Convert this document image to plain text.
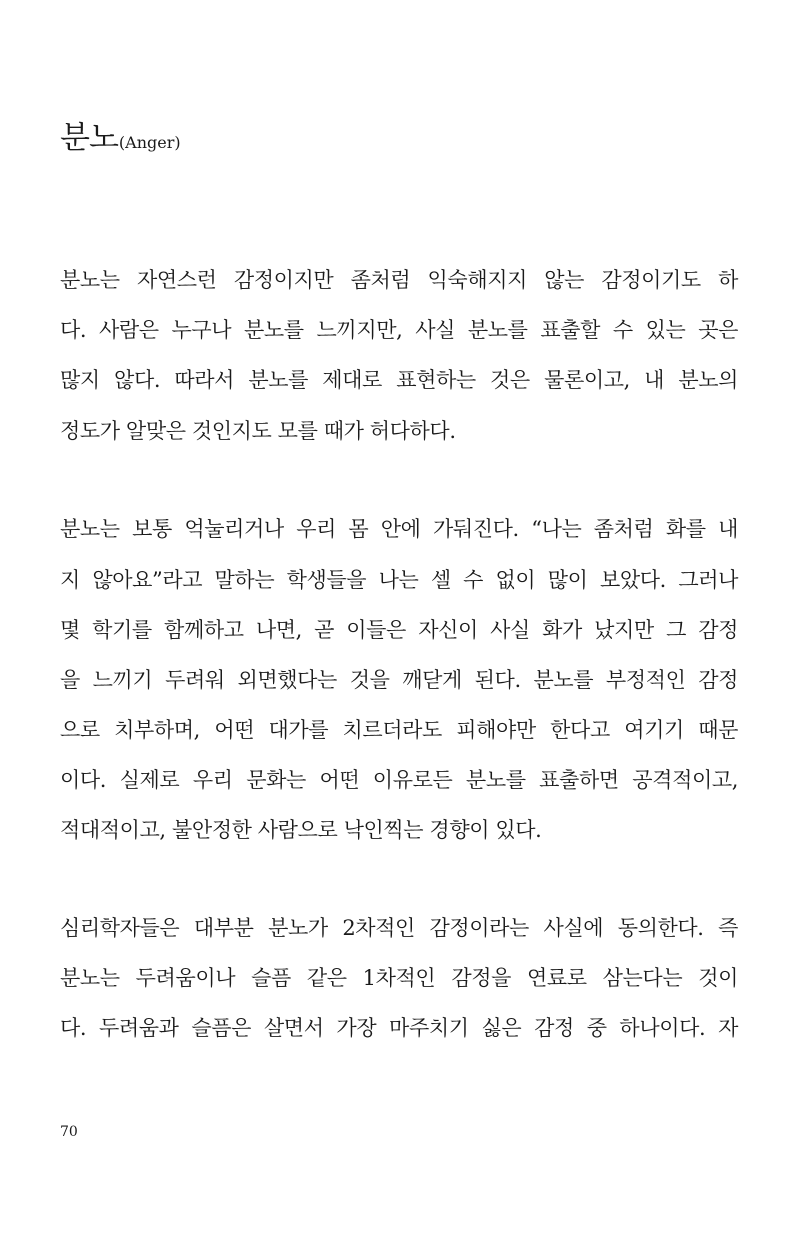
분노(Anger)

분노는 자연스런 감정이지만 좀처럼 익숙해지지 않는 감정이기도 하

다. 사람은 누구나 분노를 느끼지만, 사실 분노를 표출할 수 있는 곳은

많지 않다. 따라서 분노를 제대로 표현하는 것은 물론이고, 내 분노의

정도가 알맞은 것인지도 모를 때가 허다하다.

분노는 보통 억눌리거나 우리 몸 안에 가둬진다. “나는 좀처럼 화를 내

지 않아요”라고 말하는 학생들을 나는 셀 수 없이 많이 보았다. 그러나

몇 학기를 함께하고 나면, 곧 이들은 자신이 사실 화가 났지만 그 감정

을 느끼기 두려워 외면했다는 것을 깨닫게 된다. 분노를 부정적인 감정

으로 치부하며, 어떤 대가를 치르더라도 피해야만 한다고 여기기 때문

이다. 실제로 우리 문화는 어떤 이유로든 분노를 표출하면 공격적이고,

적대적이고, 불안정한 사람으로 낙인찍는 경향이 있다.

심리학자들은 대부분 분노가 2차적인 감정이라는 사실에 동의한다. 즉

분노는 두려움이나 슬픔 같은 1차적인 감정을 연료로 삼는다는 것이

다. 두려움과 슬픔은 살면서 가장 마주치기 싫은 감정 중 하나이다. 자

70
